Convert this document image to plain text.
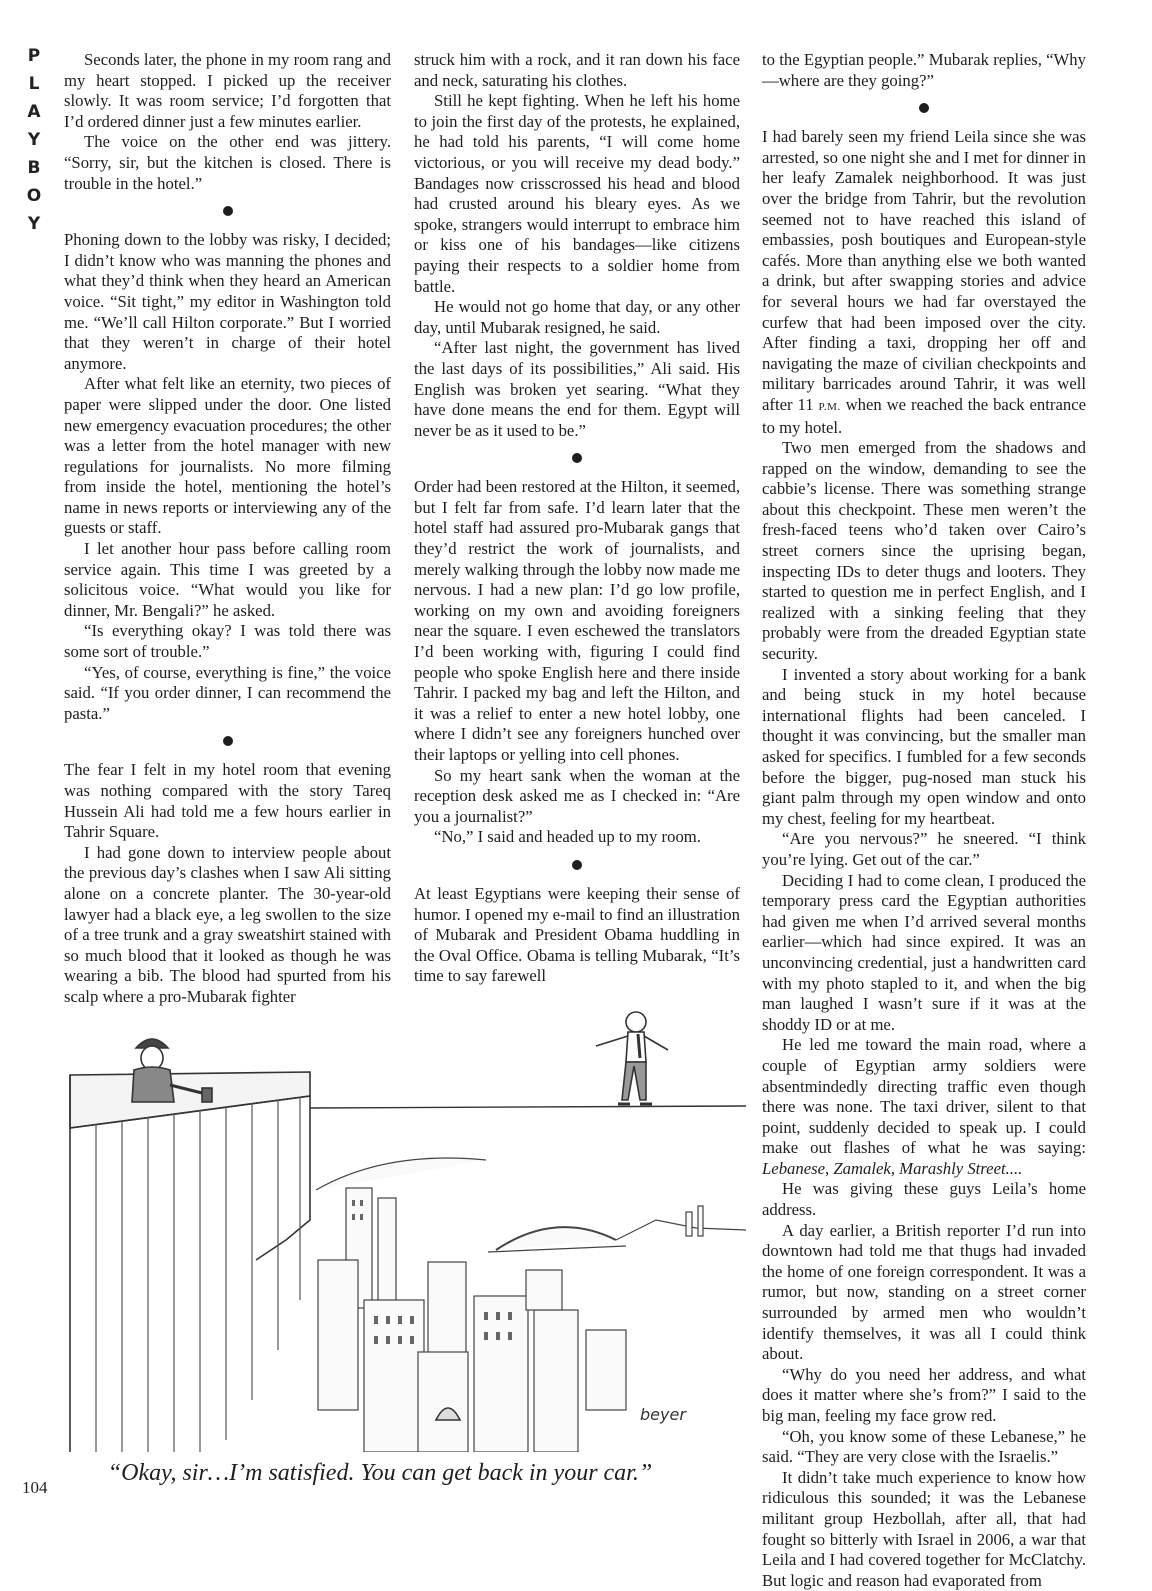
P
L
A
Y
B
O
Y

Seconds later, the phone in my room rang and my heart stopped. I picked up the receiver slowly. It was room service; I’d forgotten that I’d ordered dinner just a few minutes earlier.

The voice on the other end was jittery. “Sorry, sir, but the kitchen is closed. There is trouble in the hotel.”

Phoning down to the lobby was risky, I decided; I didn’t know who was manning the phones and what they’d think when they heard an American voice. “Sit tight,” my editor in Washington told me. “We’ll call Hilton corporate.” But I worried that they weren’t in charge of their hotel anymore.

After what felt like an eternity, two pieces of paper were slipped under the door. One listed new emergency evacuation procedures; the other was a letter from the hotel manager with new regulations for journalists. No more filming from inside the hotel, mentioning the hotel’s name in news reports or interviewing any of the guests or staff.

I let another hour pass before calling room service again. This time I was greeted by a solicitous voice. “What would you like for dinner, Mr. Bengali?” he asked.

“Is everything okay? I was told there was some sort of trouble.”

“Yes, of course, everything is fine,” the voice said. “If you order dinner, I can recommend the pasta.”

The fear I felt in my hotel room that evening was nothing compared with the story Tareq Hussein Ali had told me a few hours earlier in Tahrir Square.

I had gone down to interview people about the previous day’s clashes when I saw Ali sitting alone on a concrete planter. The 30-year-old lawyer had a black eye, a leg swollen to the size of a tree trunk and a gray sweatshirt stained with so much blood that it looked as though he was wearing a bib. The blood had spurted from his scalp where a pro-Mubarak fighter

struck him with a rock, and it ran down his face and neck, saturating his clothes.

Still he kept fighting. When he left his home to join the first day of the protests, he explained, he had told his parents, “I will come home victorious, or you will receive my dead body.” Bandages now crisscrossed his head and blood had crusted around his bleary eyes. As we spoke, strangers would interrupt to embrace him or kiss one of his bandages—like citizens paying their respects to a soldier home from battle.

He would not go home that day, or any other day, until Mubarak resigned, he said.

“After last night, the government has lived the last days of its possibilities,” Ali said. His English was broken yet searing. “What they have done means the end for them. Egypt will never be as it used to be.”

Order had been restored at the Hilton, it seemed, but I felt far from safe. I’d learn later that the hotel staff had assured pro-Mubarak gangs that they’d restrict the work of journalists, and merely walking through the lobby now made me nervous. I had a new plan: I’d go low profile, working on my own and avoiding foreigners near the square. I even eschewed the translators I’d been working with, figuring I could find people who spoke English here and there inside Tahrir. I packed my bag and left the Hilton, and it was a relief to enter a new hotel lobby, one where I didn’t see any foreigners hunched over their laptops or yelling into cell phones.

So my heart sank when the woman at the reception desk asked me as I checked in: “Are you a journalist?”

“No,” I said and headed up to my room.

At least Egyptians were keeping their sense of humor. I opened my e-mail to find an illustration of Mubarak and President Obama huddling in the Oval Office. Obama is telling Mubarak, “It’s time to say farewell

to the Egyptian people.” Mubarak replies, “Why—where are they going?”

I had barely seen my friend Leila since she was arrested, so one night she and I met for dinner in her leafy Zamalek neighborhood. It was just over the bridge from Tahrir, but the revolution seemed not to have reached this island of embassies, posh boutiques and European-style cafés. More than anything else we both wanted a drink, but after swapping stories and advice for several hours we had far overstayed the curfew that had been imposed over the city. After finding a taxi, dropping her off and navigating the maze of civilian checkpoints and military barricades around Tahrir, it was well after 11 P.M. when we reached the back entrance to my hotel.

Two men emerged from the shadows and rapped on the window, demanding to see the cabbie’s license. There was something strange about this checkpoint. These men weren’t the fresh-faced teens who’d taken over Cairo’s street corners since the uprising began, inspecting IDs to deter thugs and looters. They started to question me in perfect English, and I realized with a sinking feeling that they probably were from the dreaded Egyptian state security.

I invented a story about working for a bank and being stuck in my hotel because international flights had been canceled. I thought it was convincing, but the smaller man asked for specifics. I fumbled for a few seconds before the bigger, pug-nosed man stuck his giant palm through my open window and onto my chest, feeling for my heartbeat.

“Are you nervous?” he sneered. “I think you’re lying. Get out of the car.”

Deciding I had to come clean, I produced the temporary press card the Egyptian authorities had given me when I’d arrived several months earlier—which had since expired. It was an unconvincing credential, just a handwritten card with my photo stapled to it, and when the big man laughed I wasn’t sure if it was at the shoddy ID or at me.

He led me toward the main road, where a couple of Egyptian army soldiers were absentmindedly directing traffic even though there was none. The taxi driver, silent to that point, suddenly decided to speak up. I could make out flashes of what he was saying: Lebanese, Zamalek, Marashly Street....

He was giving these guys Leila’s home address.

A day earlier, a British reporter I’d run into downtown had told me that thugs had invaded the home of one foreign correspondent. It was a rumor, but now, standing on a street corner surrounded by armed men who wouldn’t identify themselves, it was all I could think about.

“Why do you need her address, and what does it matter where she’s from?” I said to the big man, feeling my face grow red.

“Oh, you know some of these Lebanese,” he said. “They are very close with the Israelis.”

It didn’t take much experience to know how ridiculous this sounded; it was the Lebanese militant group Hezbollah, after all, that had fought so bitterly with Israel in 2006, a war that Leila and I had covered together for McClatchy. But logic and reason had evaporated from

beyer
“Okay, sir…I’m satisfied. You can get back in your car.”
104
